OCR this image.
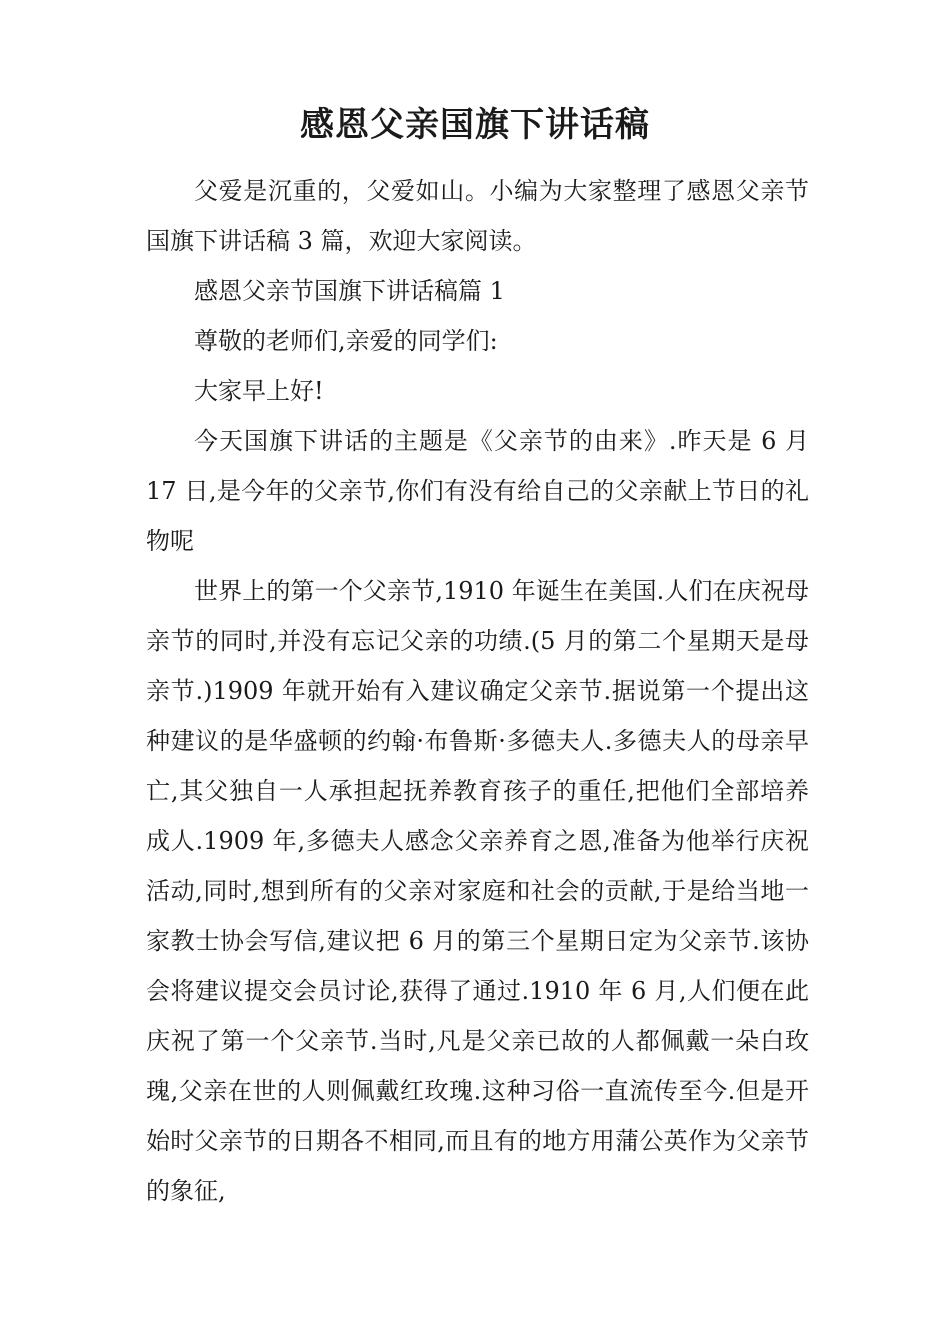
感恩父亲国旗下讲话稿

父爱是沉重的，父爱如山。小编为大家整理了感恩父亲节国旗下讲话稿 3 篇，欢迎大家阅读。

感恩父亲节国旗下讲话稿篇 1

尊敬的老师们,亲爱的同学们:

大家早上好!

今天国旗下讲话的主题是《父亲节的由来》.昨天是 6 月 17 日,是今年的父亲节,你们有没有给自己的父亲献上节日的礼物呢

世界上的第一个父亲节,1910 年诞生在美国.人们在庆祝母亲节的同时,并没有忘记父亲的功绩.(5 月的第二个星期天是母亲节.)1909 年就开始有入建议确定父亲节.据说第一个提出这种建议的是华盛顿的约翰·布鲁斯·多德夫人.多德夫人的母亲早亡,其父独自一人承担起抚养教育孩子的重任,把他们全部培养成人.1909 年,多德夫人感念父亲养育之恩,准备为他举行庆祝活动,同时,想到所有的父亲对家庭和社会的贡献,于是给当地一家教士协会写信,建议把 6 月的第三个星期日定为父亲节.该协会将建议提交会员讨论,获得了通过.1910 年 6 月,人们便在此庆祝了第一个父亲节.当时,凡是父亲已故的人都佩戴一朵白玫瑰,父亲在世的人则佩戴红玫瑰.这种习俗一直流传至今.但是开始时父亲节的日期各不相同,而且有的地方用蒲公英作为父亲节的象征,
